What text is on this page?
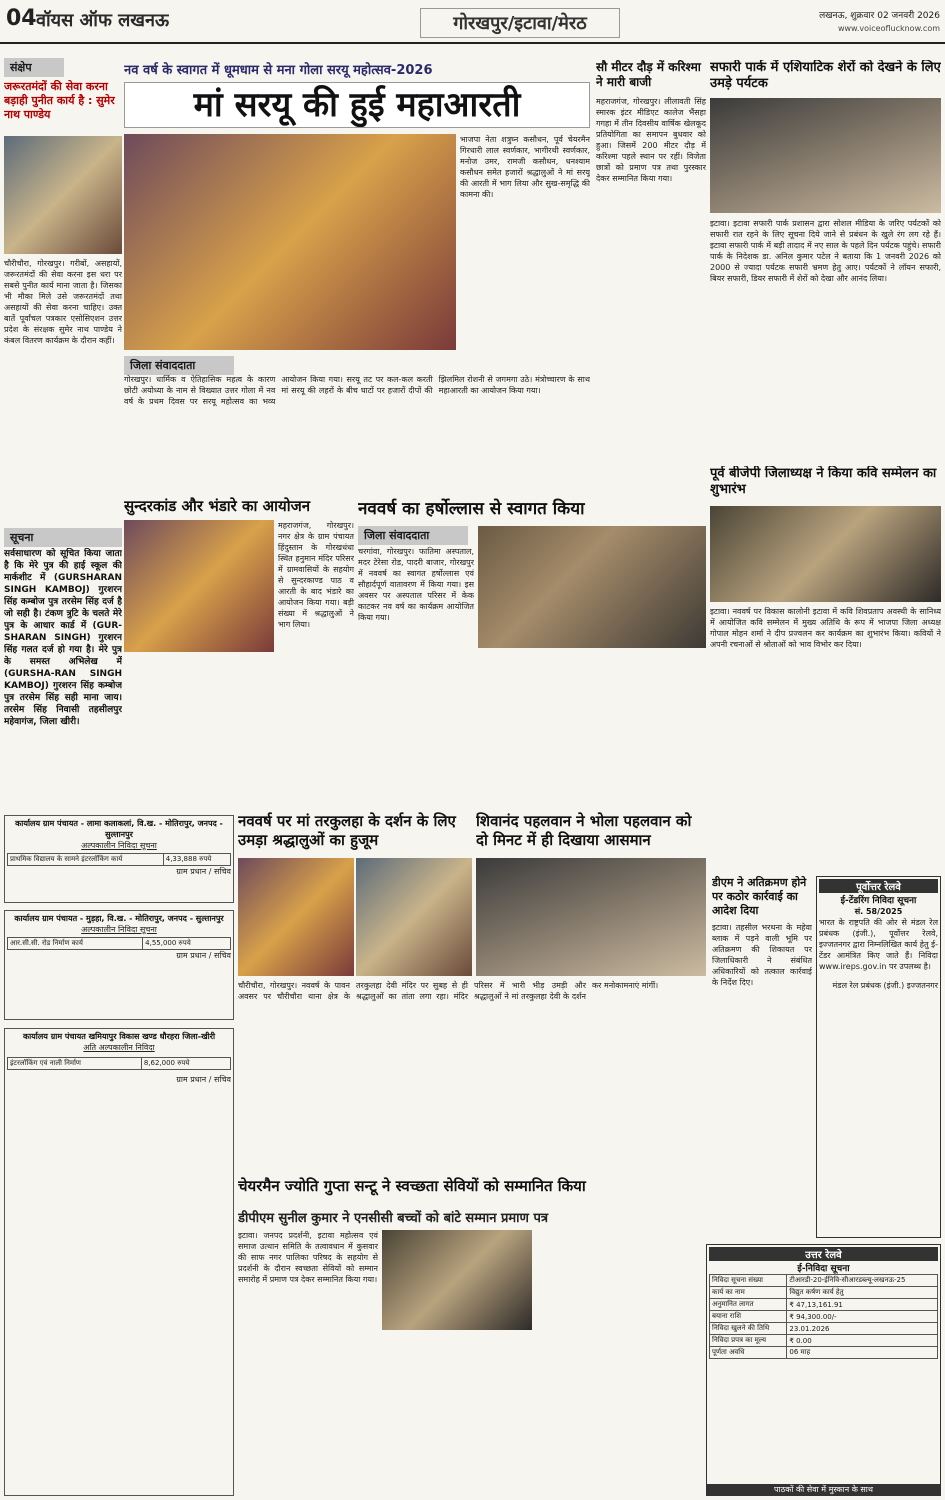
04 वॉयस ऑफ लखनऊ	गोरखपुर/इटावा/मेरठ	लखनऊ, शुक्रवार 02 जनवरी 2026
www.voiceoflucknow.com
संक्षेप
जरूरतमंदों की सेवा करना बड़ाही पुनीत कार्य है : सुमेर नाथ पाण्डेय
चौरीचौरा, गोरखपुर। गरीबों, असहायों, जरूरतमंदों की सेवा करना इस धरा पर सबसे पुनीत कार्य माना जाता है। जिसका भी मौका मिले उसे जरूरतमंदों तथा असहायों की सेवा करना चाहिए। उक्त बातें पूर्वांचल पत्रकार एसोसिएशन उत्तर प्रदेश के संरक्षक सुमेर नाथ पाण्डेय ने कंबल वितरण कार्यक्रम के दौरान कहीं।
सूचना
सर्वसाधारण को सूचित किया जाता है कि मेरे पुत्र की हाई स्कूल की मार्कशीट में (GURSHARAN SINGH KAMBOJ) गुरशरन सिंह कम्बोज पुत्र तरसेम सिंह दर्ज है जो सही है। टंकण त्रुटि के चलते मेरे पुत्र के आधार कार्ड में (GUR-SHARAN SINGH) गुरशरन सिंह गलत दर्ज हो गया है। मेरे पुत्र के समस्त अभिलेख में (GURSHA-RAN SINGH KAMBOJ) गुरशरन सिंह कम्बोज पुत्र तरसेम सिंह सही माना जाय। तरसेम सिंह निवासी तहसीलपुर महेवागंज, जिला खीरी।
कार्यालय ग्राम पंचायत - लामा कलाकलां, वि.ख. - मोतिरापुर, जनपद - सुल्तानपुर
अल्पकालीन निविदा सूचना
प्राथमिक विद्यालय के सामने इंटरलॉकिंग कार्य	4,33,888 रुपये
ग्राम प्रधान / सचिव
कार्यालय ग्राम पंचायत - मुड़हा, वि.ख. - मोतिरापुर, जनपद - सुल्तानपुर
अल्पकालीन निविदा सूचना
आर.सी.सी. रोड निर्माण कार्य	4,55,000 रुपये
ग्राम प्रधान / सचिव
कार्यालय ग्राम पंचायत खमियापुर विकास खण्ड धौरहरा जिला-खीरी
अति अल्पकालीन निविदा
इंटरलॉकिंग एवं नाली निर्माण	8,62,000 रुपये
ग्राम प्रधान / सचिव
नव वर्ष के स्वागत में धूमधाम से मना गोला सरयू महोत्सव-2026
मां सरयू की हुई महाआरती
भाजपा नेता शत्रुघ्न कसौधन, पूर्व चेयरमैन गिरधारी लाल स्वर्णकार, भागीरथी स्वर्णकार, मनोज उमर, रामजी कसौधन, धनश्याम कसौधन समेत हजारों श्रद्धालुओं ने मां सरयू की आरती में भाग लिया और सुख-समृद्धि की कामना की।
जिला संवाददाता
गोरखपुर। धार्मिक व ऐतिहासिक महत्व के कारण छोटी अयोध्या के नाम से विख्यात उत्तर गोला में नव वर्ष के प्रथम दिवस पर सरयू महोत्सव का भव्य आयोजन किया गया। सरयू तट पर कल-कल करती मां सरयू की लहरों के बीच घाटों पर हजारों दीपों की झिलमिल रोशनी से जगमगा उठे। मंत्रोच्चारण के साथ महाआरती का आयोजन किया गया।
सौ मीटर दौड़ में करिश्मा ने मारी बाजी
महराजगंज, गोरखपुर। लीलावती सिंह स्मारक इंटर मीडिएट कालेज भैंसहा गगहा में तीन दिवसीय वार्षिक खेलकूद प्रतियोगिता का समापन बुधवार को हुआ। जिसमें 200 मीटर दौड़ में करिश्मा पहले स्थान पर रहीं। विजेता छात्रों को प्रमाण पत्र तथा पुरस्कार देकर सम्मानित किया गया।
सफारी पार्क में एशियाटिक शेरों को देखने के लिए उमड़े पर्यटक
इटावा। इटावा सफारी पार्क प्रशासन द्वारा सोशल मीडिया के जरिए पर्यटकों को सफारी रात रहने के लिए सूचना दिये जाने से प्रबंधन के खुले रंग लग रहे हैं। इटावा सफारी पार्क में बड़ी तादाद में नए साल के पहले दिन पर्यटक पहुंचे। सफारी पार्क के निदेशक डा. अनिल कुमार पटेल ने बताया कि 1 जनवरी 2026 को 2000 से ज्यादा पर्यटक सफारी भ्रमण हेतु आए। पर्यटकों ने लॉयन सफारी, बियर सफारी, डियर सफारी में शेरों को देखा और आनंद लिया।
पूर्व बीजेपी जिलाध्यक्ष ने किया कवि सम्मेलन का शुभारंभ
इटावा। नववर्ष पर विकास कालोनी इटावा में कवि शिवप्रताप अवस्थी के सानिध्य में आयोजित कवि सम्मेलन में मुख्य अतिथि के रूप में भाजपा जिला अध्यक्ष गोपाल मोहन शर्मा ने दीप प्रज्वलन कर कार्यक्रम का शुभारंभ किया। कवियों ने अपनी रचनाओं से श्रोताओं को भाव विभोर कर दिया।
सुन्दरकांड और भंडारे का आयोजन
महराजगंज, गोरखपुर। नगर क्षेत्र के ग्राम पंचायत हिंदुस्तान के गोरखधंधा स्थित हनुमान मंदिर परिसर में ग्रामवासियों के सहयोग से सुन्दरकाण्ड पाठ व आरती के बाद भंडारे का आयोजन किया गया। बड़ी संख्या में श्रद्धालुओं ने भाग लिया।
नववर्ष का हर्षोल्लास से स्वागत किया
जिला संवाददाता
चरगांवा, गोरखपुर। फातिमा अस्पताल, मदर टेरेसा रोड, पादरी बाजार, गोरखपुर में नववर्ष का स्वागत हर्षोल्लास एवं सौहार्दपूर्ण वातावरण में किया गया। इस अवसर पर अस्पताल परिसर में केक काटकर नव वर्ष का कार्यक्रम आयोजित किया गया।
नववर्ष पर मां तरकुलहा के दर्शन के लिए उमड़ा श्रद्धालुओं का हुजूम
चौरीचौरा, गोरखपुर। नववर्ष के पावन अवसर पर चौरीचौरा थाना क्षेत्र के तरकुलहा देवी मंदिर पर सुबह से ही श्रद्धालुओं का तांता लगा रहा। मंदिर परिसर में भारी भीड़ उमड़ी और श्रद्धालुओं ने मां तरकुलहा देवी के दर्शन कर मनोकामनाएं मांगीं।
शिवानंद पहलवान ने भोला पहलवान को दो मिनट में ही दिखाया आसमान
डीएम ने अतिक्रमण होने पर कठोर कार्रवाई का आदेश दिया
इटावा। तहसील भरथना के महेवा ब्लाक में पड़ने वाली भूमि पर अतिक्रमण की शिकायत पर जिलाधिकारी ने संबंधित अधिकारियों को तत्काल कार्रवाई के निर्देश दिए।
पूर्वोत्तर रेलवे
ई-टेंडरिंग निविदा सूचना
सं. 58/2025
भारत के राष्ट्रपति की ओर से मंडल रेल प्रबंधक (इंजी.), पूर्वोत्तर रेलवे, इज्जतनगर द्वारा निम्नलिखित कार्य हेतु ई-टेंडर आमंत्रित किए जाते हैं। निविदा www.ireps.gov.in पर उपलब्ध है।
मंडल रेल प्रबंधक (इंजी.) इज्जतनगर
चेयरमैन ज्योति गुप्ता सन्टू ने स्वच्छता सेवियों को सम्मानित किया
डीपीएम सुनील कुमार ने एनसीसी बच्चों को बांटे सम्मान प्रमाण पत्र
इटावा। जनपद प्रदर्शनी, इटावा महोत्सव एवं समाज उत्थान समिति के तत्वावधान में कुसवार की साफ नगर पालिका परिषद के सहयोग से प्रदर्शनी के दौरान स्वच्छता सेवियों को सम्मान समारोह में प्रमाण पत्र देकर सम्मानित किया गया।
उत्तर रेलवे
ई-निविदा सूचना
निविदा सूचना संख्या	टीआरडी-20-ईनिवि-सीआरडब्ल्यू-लखनऊ-25
कार्य का नाम	विद्युत कर्षण कार्य हेतु
अनुमानित लागत	₹ 47,13,161.91
बयाना राशि	₹ 94,300.00/-
निविदा खुलने की तिथि	23.01.2026
निविदा प्रपत्र का मूल्य	₹ 0.00
पूर्णता अवधि	06 माह
पाठकों की सेवा में मुस्कान के साथ
